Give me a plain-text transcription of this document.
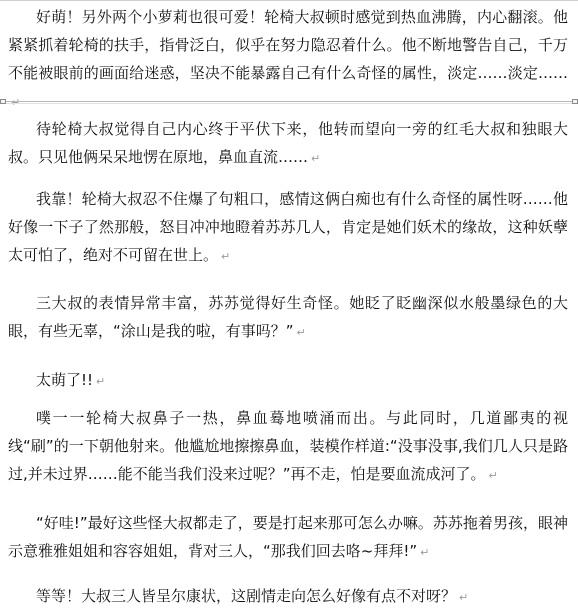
好萌！另外两个小萝莉也很可爱！轮椅大叔顿时感觉到热血沸腾，内心翻滚。他紧紧抓着轮椅的扶手，指骨泛白，似乎在努力隐忍着什么。他不断地警告自己，千万不能被眼前的画面给迷惑，坚决不能暴露自己有什么奇怪的属性，淡定……淡定……

待轮椅大叔觉得自己内心终于平伏下来，他转而望向一旁的红毛大叔和独眼大叔。只见他俩呆呆地愣在原地，鼻血直流…… ↵

我靠！轮椅大叔忍不住爆了句粗口，感情这俩白痴也有什么奇怪的属性呀……他好像一下子了然那般，怒目冲冲地瞪着苏苏几人，肯定是她们妖术的缘故，这种妖孽太可怕了，绝对不可留在世上。 ↵

三大叔的表情异常丰富，苏苏觉得好生奇怪。她眨了眨幽深似水般墨绿色的大眼，有些无辜，“涂山是我的啦，有事吗？” ↵

太萌了!! ↵

噗一一轮椅大叔鼻子一热，鼻血蓦地喷涌而出。与此同时，几道鄙夷的视线“刷”的一下朝他射来。他尴尬地擦擦鼻血，装模作样道:“没事没事,我们几人只是路过,并未过界……能不能当我们没来过呢？”再不走，怕是要血流成河了。 ↵

“好哇!”最好这些怪大叔都走了，要是打起来那可怎么办嘛。苏苏拖着男孩，眼神示意雅雅姐姐和容容姐姐，背对三人，“那我们回去咯~拜拜!” ↵

等等！大叔三人皆呈尔康状，这剧情走向怎么好像有点不对呀？ ↵
